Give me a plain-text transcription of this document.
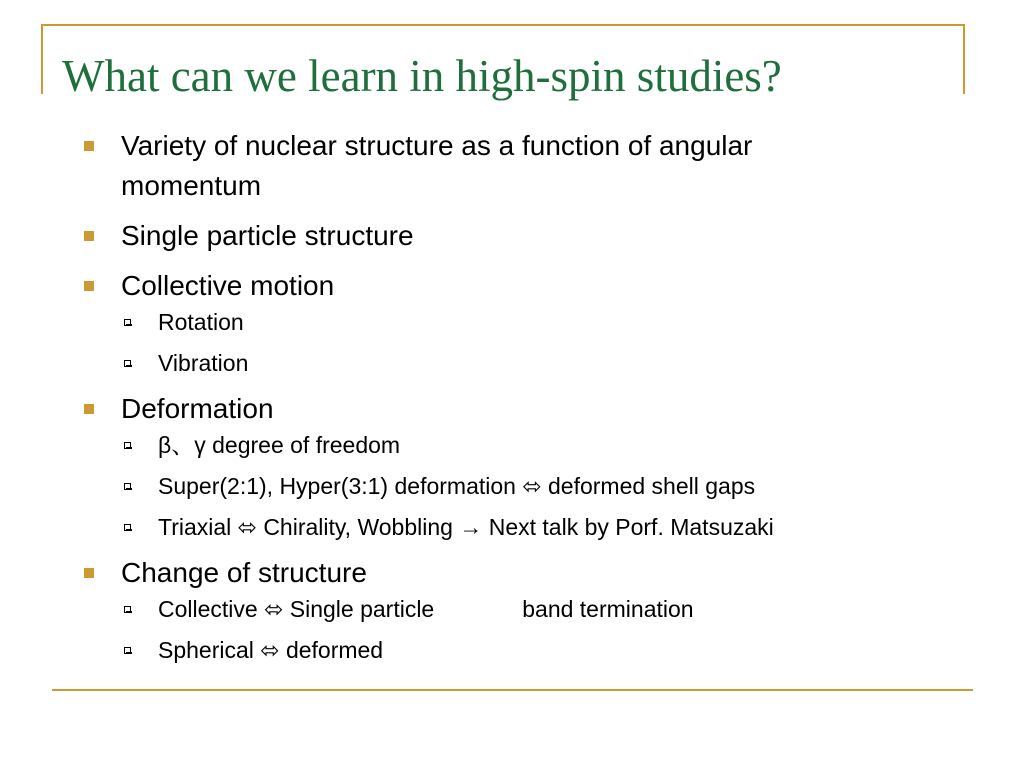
What can we learn in high-spin studies?
Variety of nuclear structure as a function of angular
momentum
Single particle structure
Collective motion
Rotation
Vibration
Deformation
β、γ degree of freedom
Super(2:1), Hyper(3:1) deformation ⬄ deformed shell gaps
Triaxial ⬄ Chirality, Wobbling → Next talk by Porf. Matsuzaki
Change of structure
Collective ⬄ Single particle	band termination
Spherical ⬄ deformed
